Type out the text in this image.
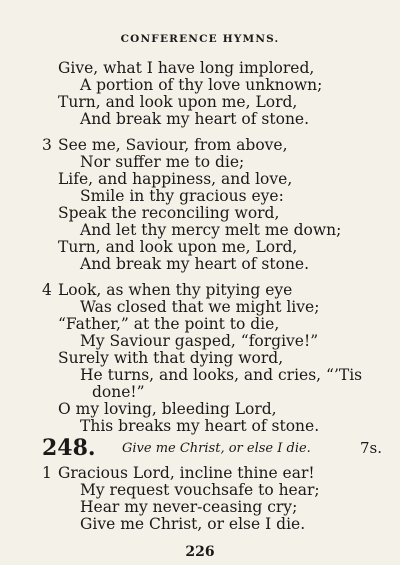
CONFERENCE HYMNS.
Give, what I have long implored,
A portion of thy love unknown;
Turn, and look upon me, Lord,
And break my heart of stone.
3 See me, Saviour, from above,
Nor suffer me to die;
Life, and happiness, and love,
Smile in thy gracious eye:
Speak the reconciling word,
And let thy mercy melt me down;
Turn, and look upon me, Lord,
And break my heart of stone.
4 Look, as when thy pitying eye
Was closed that we might live;
“Father,” at the point to die,
My Saviour gasped, “forgive!”
Surely with that dying word,
He turns, and looks, and cries, “’Tis
done!”
O my loving, bleeding Lord,
This breaks my heart of stone.
248. Give me Christ, or else I die.	7s.
1 Gracious Lord, incline thine ear!
My request vouchsafe to hear;
Hear my never-ceasing cry;
Give me Christ, or else I die.
226
